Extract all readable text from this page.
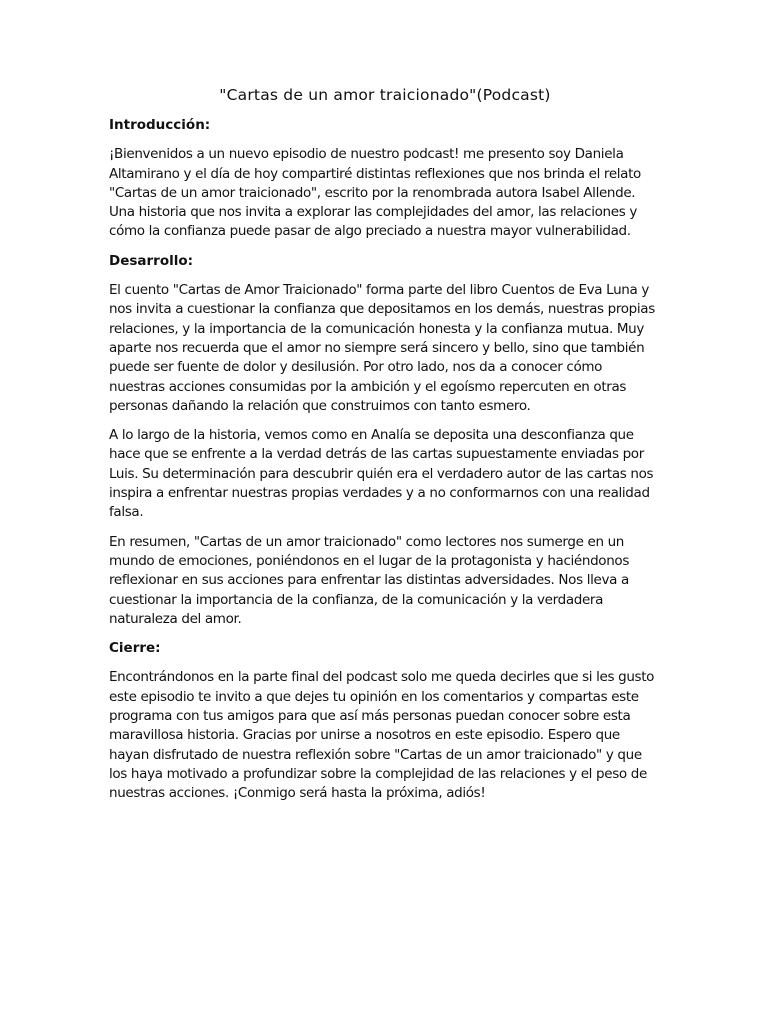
"Cartas de un amor traicionado"(Podcast)
Introducción:

¡Bienvenidos a un nuevo episodio de nuestro podcast! me presento soy Daniela Altamirano y el día de hoy compartiré distintas reflexiones que nos brinda el relato "Cartas de un amor traicionado", escrito por la renombrada autora Isabel Allende. Una historia que nos invita a explorar las complejidades del amor, las relaciones y cómo la confianza puede pasar de algo preciado a nuestra mayor vulnerabilidad.

Desarrollo:

El cuento "Cartas de Amor Traicionado" forma parte del libro Cuentos de Eva Luna y nos invita a cuestionar la confianza que depositamos en los demás, nuestras propias relaciones, y la importancia de la comunicación honesta y la confianza mutua. Muy aparte nos recuerda que el amor no siempre será sincero y bello, sino que también puede ser fuente de dolor y desilusión. Por otro lado, nos da a conocer cómo nuestras acciones consumidas por la ambición y el egoísmo repercuten en otras personas dañando la relación que construimos con tanto esmero.

A lo largo de la historia, vemos como en Analía se deposita una desconfianza que hace que se enfrente a la verdad detrás de las cartas supuestamente enviadas por Luis. Su determinación para descubrir quién era el verdadero autor de las cartas nos inspira a enfrentar nuestras propias verdades y a no conformarnos con una realidad falsa.

En resumen, "Cartas de un amor traicionado" como lectores nos sumerge en un mundo de emociones, poniéndonos en el lugar de la protagonista y haciéndonos reflexionar en sus acciones para enfrentar las distintas adversidades. Nos lleva a cuestionar la importancia de la confianza, de la comunicación y la verdadera naturaleza del amor.

Cierre:

Encontrándonos en la parte final del podcast solo me queda decirles que si les gusto este episodio te invito a que dejes tu opinión en los comentarios y compartas este programa con tus amigos para que así más personas puedan conocer sobre esta maravillosa historia. Gracias por unirse a nosotros en este episodio. Espero que hayan disfrutado de nuestra reflexión sobre "Cartas de un amor traicionado" y que los haya motivado a profundizar sobre la complejidad de las relaciones y el peso de nuestras acciones. ¡Conmigo será hasta la próxima, adiós!
